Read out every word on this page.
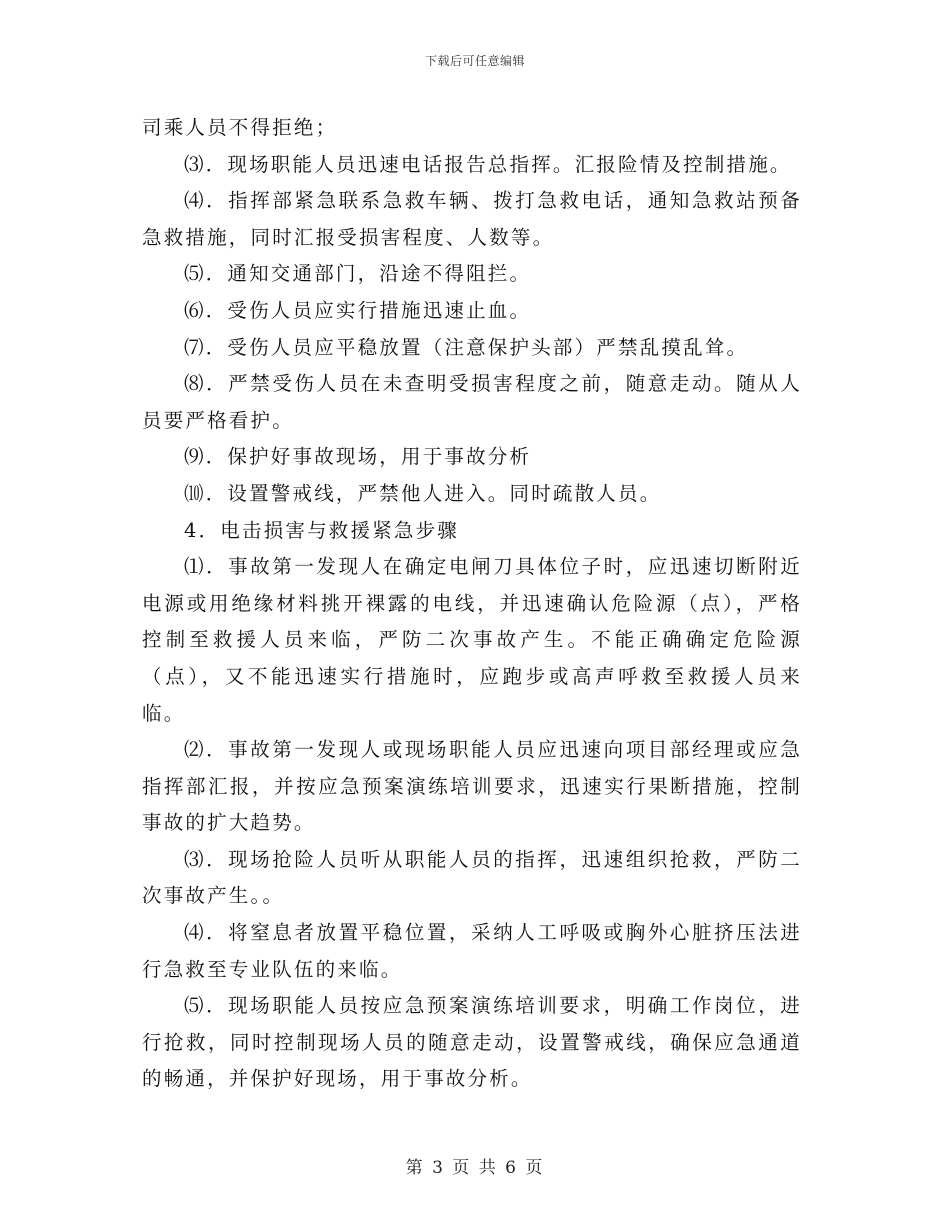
下载后可任意编辑

司乘人员不得拒绝；

⑶．现场职能人员迅速电话报告总指挥。汇报险情及控制措施。

⑷．指挥部紧急联系急救车辆、拨打急救电话，通知急救站预备急救措施，同时汇报受损害程度、人数等。

⑸．通知交通部门，沿途不得阻拦。

⑹．受伤人员应实行措施迅速止血。

⑺．受伤人员应平稳放置（注意保护头部）严禁乱摸乱耸。

⑻．严禁受伤人员在未查明受损害程度之前，随意走动。随从人员要严格看护。

⑼．保护好事故现场，用于事故分析

⑽．设置警戒线，严禁他人进入。同时疏散人员。

4．电击损害与救援紧急步骤

⑴．事故第一发现人在确定电闸刀具体位子时，应迅速切断附近电源或用绝缘材料挑开裸露的电线，并迅速确认危险源（点），严格控制至救援人员来临，严防二次事故产生。不能正确确定危险源（点），又不能迅速实行措施时，应跑步或高声呼救至救援人员来临。

⑵．事故第一发现人或现场职能人员应迅速向项目部经理或应急指挥部汇报，并按应急预案演练培训要求，迅速实行果断措施，控制事故的扩大趋势。

⑶．现场抢险人员听从职能人员的指挥，迅速组织抢救，严防二次事故产生。。

⑷．将窒息者放置平稳位置，采纳人工呼吸或胸外心脏挤压法进行急救至专业队伍的来临。

⑸．现场职能人员按应急预案演练培训要求，明确工作岗位，进行抢救，同时控制现场人员的随意走动，设置警戒线，确保应急通道的畅通，并保护好现场，用于事故分析。

第 3 页 共 6 页
